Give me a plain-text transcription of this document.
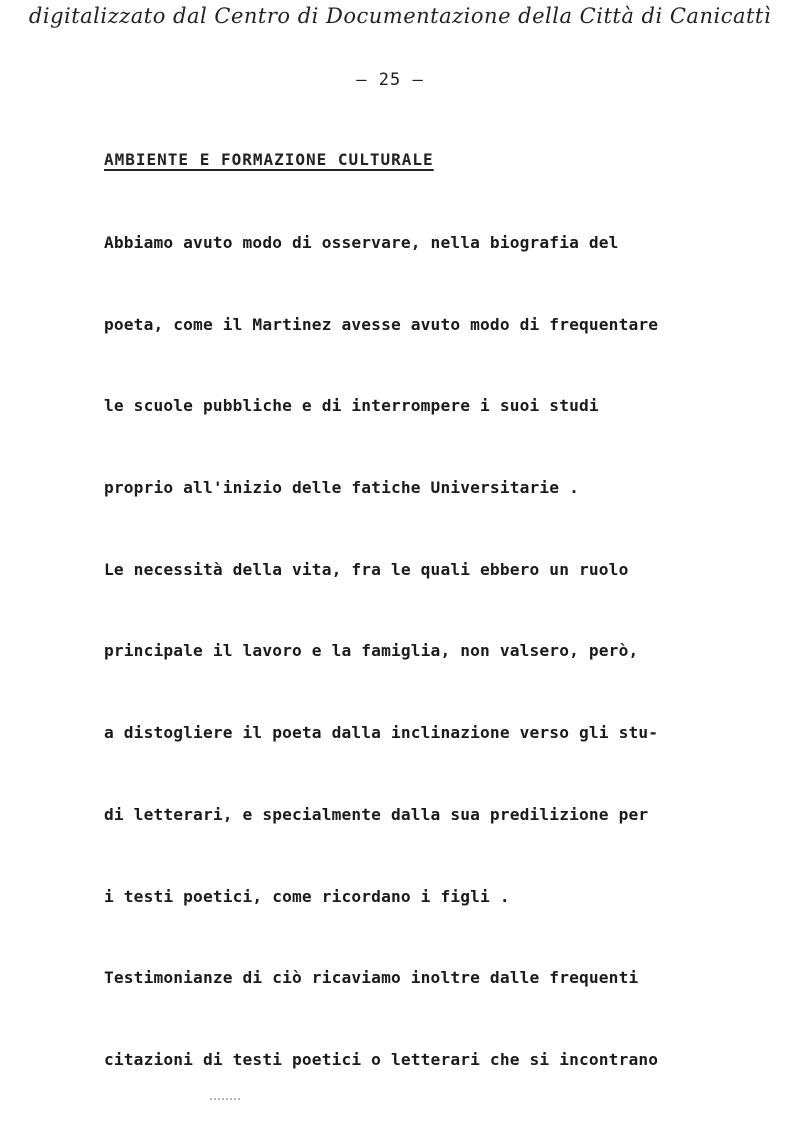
digitalizzato dal Centro di Documentazione della Città di Canicattì
– 25 –
AMBIENTE E FORMAZIONE CULTURALE
Abbiamo avuto modo di osservare, nella biografia del
poeta, come il Martinez avesse avuto modo di frequentare
le scuole pubbliche e di interrompere i suoi studi
proprio all'inizio delle fatiche Universitarie .
Le necessità della vita, fra le quali ebbero un ruolo
principale il lavoro e la famiglia, non valsero, però,
a distogliere il poeta dalla inclinazione verso gli stu-
di letterari, e specialmente dalla sua predilizione per
i testi poetici, come ricordano i figli .
Testimonianze di ciò ricaviamo inoltre dalle frequenti
citazioni di testi poetici o letterari che si incontrano
